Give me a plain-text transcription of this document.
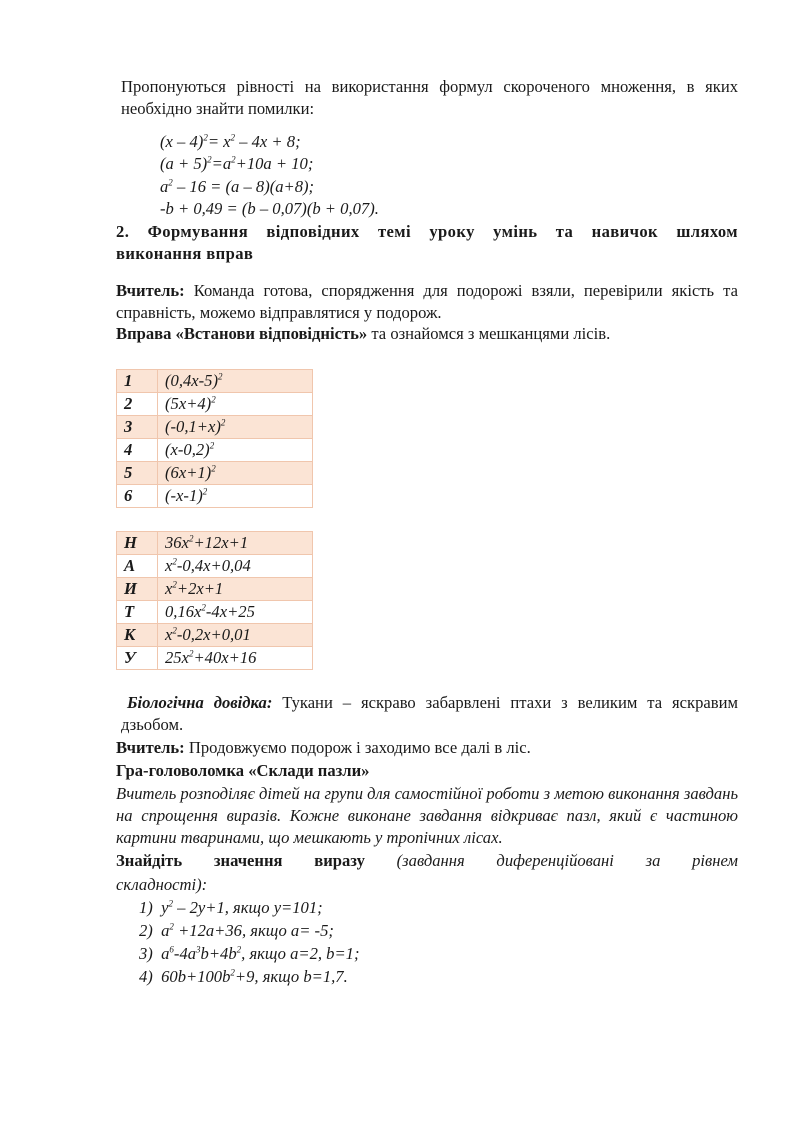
Пропонуються рівності на використання формул скороченого множення, в яких необхідно знайти помилки:
$(x - 4)^2= x^2 - 4x + 8$;
$(a + 5)^2=a^2+10a + 10$;
$a^2 - 16 = (a - 8)(a+8)$;
-b + 0,49 = (b – 0,07)(b + 0,07).
2. Формування відповідних темі уроку умінь та навичок шляхом
виконання вправ
Вчитель: Команда готова, спорядження для подорожі взяли, перевірили якість та справність, можемо відправлятися у подорож.
Вправа «Встанови відповідність» та ознайомся з мешканцями лісів.
1	$(0,4x-5)^2$
2	$(5x+4)^2$
3	$(-0,1+x)^2$
4	$(x-0,2)^2$
5	$(6x+1)^2$
6	$(-x-1)^2$
Н	$36x^2+12x+1$
А	$x^2-0,4x+0,04$
И	$x^2+2x+1$
Т	$0,16x^2-4x+25$
К	$x^2-0,2x+0,01$
У	$25x^2+40x+16$
Біологічна довідка: Тукани – яскраво забарвлені птахи з великим та яскравим дзьобом.
Вчитель: Продовжуємо подорож і заходимо все далі в ліс.
Гра-головоломка «Склади пазли»
Вчитель розподіляє дітей на групи для самостійної роботи з метою виконання завдань на спрощення виразів. Кожне виконане завдання відкриває пазл, який є частиною картини тваринами, що мешкають у тропічних лісах.
Знайдіть значення виразу (завдання диференційовані за рівнем
складності):
1) $y^2 - 2y+1$, якщо y=101;
2) $a^2 +12a+36$, якщо a= -5;
3) $a^6-4a^3b+4b^2$, якщо a=2, b=1;
4) $60b+100b^2+9$, якщо b=1,7.
